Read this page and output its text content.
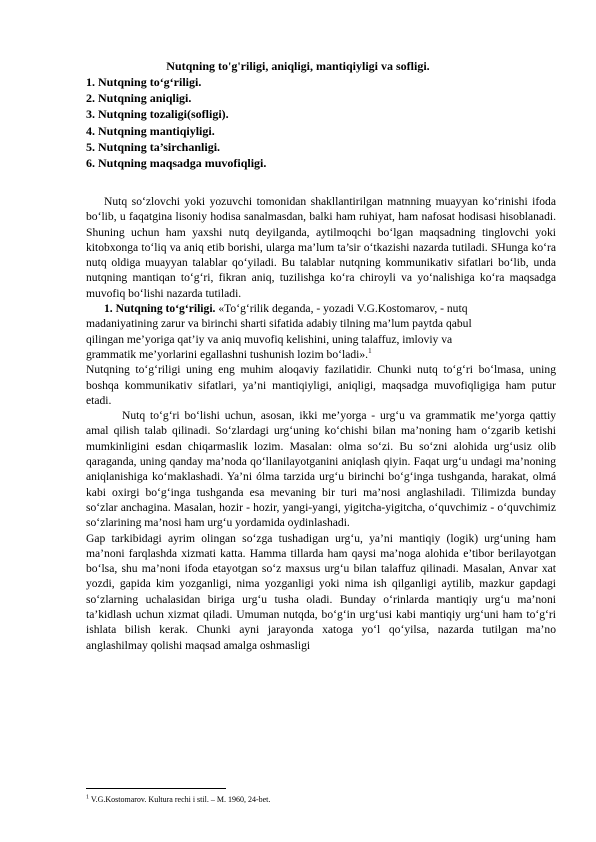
Nutqning to'g'riligi, aniqligi, mantiqiyligi va sofligi.
1. Nutqning to‘g‘riligi.
2. Nutqning aniqligi.
3. Nutqning tozaligi(sofligi).
4. Nutqning mantiqiyligi.
5. Nutqning ta’sirchanligi.
6. Nutqning maqsadga muvofiqligi.

Nutq so‘zlovchi yoki yozuvchi tomonidan shakllantirilgan matnning muayyan ko‘rinishi ifoda bo‘lib, u faqatgina lisoniy hodisa sanalmasdan, balki ham ruhiyat, ham nafosat hodisasi hisoblanadi. Shuning uchun ham yaxshi nutq deyilganda, aytilmoqchi bo‘lgan maqsadning tinglovchi yoki kitobxonga to‘liq va aniq etib borishi, ularga ma’lum ta’sir o‘tkazishi nazarda tutiladi. SHunga ko‘ra nutq oldiga muayyan talablar qo‘yiladi. Bu talablar nutqning kommunikativ sifatlari bo‘lib, unda nutqning mantiqan to‘g‘ri, fikran aniq, tuzilishga ko‘ra chiroyli va yo‘nalishiga ko‘ra maqsadga muvofiq bo‘lishi nazarda tutiladi.

1. Nutqning to‘g‘riligi. «To‘g‘rilik deganda, - yozadi V.G.Kostomarov, - nutq
madaniyatining zarur va birinchi sharti sifatida adabiy tilning ma’lum paytda qabul
qilingan me’yoriga qat’iy va aniq muvofiq kelishini, uning talaffuz, imloviy va
grammatik me’yorlarini egallashni tushunish lozim bo‘ladi».$^1$

Nutqning to‘g‘riligi uning eng muhim aloqaviy fazilatidir. Chunki nutq to‘g‘ri bo‘lmasa, uning boshqa kommunikativ sifatlari, ya’ni mantiqiyligi, aniqligi, maqsadga muvofiqligiga ham putur etadi.

Nutq to‘g‘ri bo‘lishi uchun, asosan, ikki me’yorga - urg‘u va grammatik me’yorga qattiy amal qilish talab qilinadi. So‘zlardagi urg‘uning ko‘chishi bilan ma’noning ham o‘zgarib ketishi mumkinligini esdan chiqarmaslik lozim. Masalan: olma so‘zi. Bu so‘zni alohida urg‘usiz olib qaraganda, uning qanday ma’noda qo‘llanilayotganini aniqlash qiyin. Faqat urg‘u undagi ma’noning aniqlanishiga ko‘maklashadi. Ya’ni ólma tarzida urg‘u birinchi bo‘g‘inga tushganda, harakat, olmá kabi oxirgi bo‘g‘inga tushganda esa mevaning bir turi ma’nosi anglashiladi. Tilimizda bunday so‘zlar anchagina. Masalan, hozir - hozir, yangi-yangi, yigitcha-yigitcha, o‘quvchimiz - o‘quvchimiz so‘zlarining ma’nosi ham urg‘u yordamida oydinlashadi.

Gap tarkibidagi ayrim olingan so‘zga tushadigan urg‘u, ya’ni mantiqiy (logik) urg‘uning ham ma’noni farqlashda xizmati katta. Hamma tillarda ham qaysi ma’noga alohida e’tibor berilayotgan bo‘lsa, shu ma’noni ifoda etayotgan so‘z maxsus urg‘u bilan talaffuz qilinadi. Masalan, Anvar xat yozdi, gapida kim yozganligi, nima yozganligi yoki nima ish qilganligi aytilib, mazkur gapdagi so‘zlarning uchalasidan biriga urg‘u tusha oladi. Bunday o‘rinlarda mantiqiy urg‘u ma’noni ta’kidlash uchun xizmat qiladi. Umuman nutqda, bo‘g‘in urg‘usi kabi mantiqiy urg‘uni ham to‘g‘ri ishlata bilish kerak. Chunki ayni jarayonda xatoga yo‘l qo‘yilsa, nazarda tutilgan ma’no anglashilmay qolishi maqsad amalga oshmasligi

$^1$ V.G.Kostomarov. Kultura rechi i stil. – M. 1960, 24-bet.
